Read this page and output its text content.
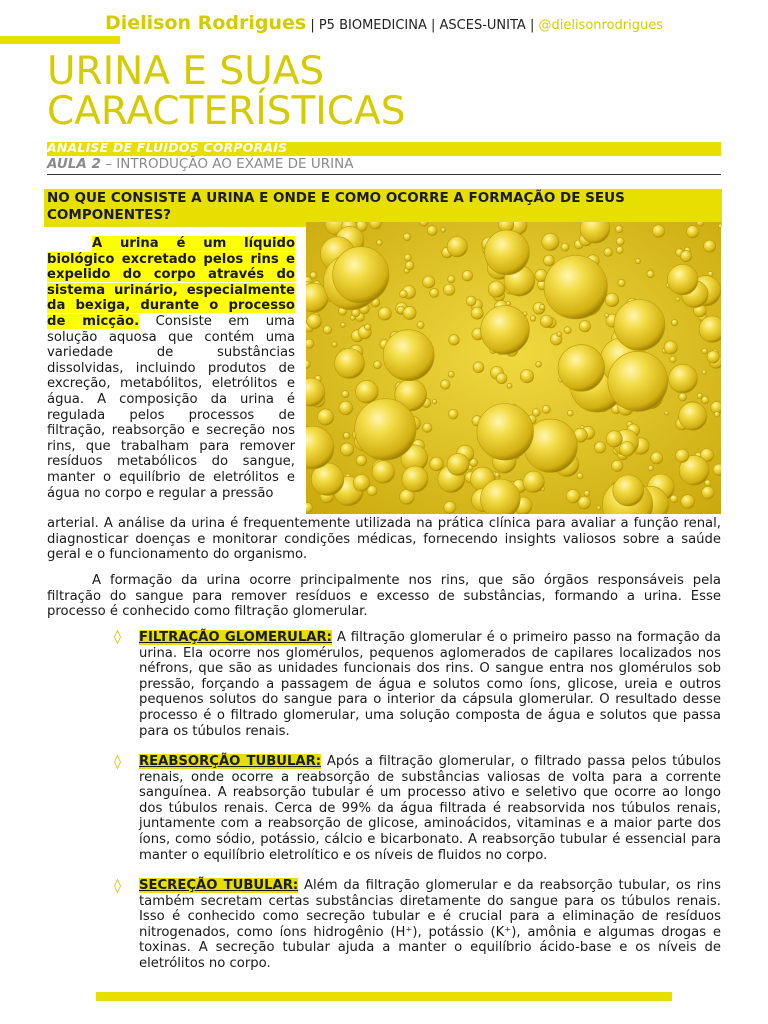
Dielison Rodrigues | P5 BIOMEDICINA | ASCES-UNITA | @dielisonrodrigues
URINA E SUAS CARACTERÍSTICAS
ANALISE DE FLUIDOS CORPORAIS
AULA 2 – INTRODUÇÃO AO EXAME DE URINA
NO QUE CONSISTE A URINA E ONDE E COMO OCORRE A FORMAÇÃO DE SEUS COMPONENTES?
A urina é um líquido biológico excretado pelos rins e expelido do corpo através do sistema urinário, especialmente da bexiga, durante o processo de micção. Consiste em uma solução aquosa que contém uma variedade de substâncias dissolvidas, incluindo produtos de excreção, metabólitos, eletrólitos e água. A composição da urina é regulada pelos processos de filtração, reabsorção e secreção nos rins, que trabalham para remover resíduos metabólicos do sangue, manter o equilíbrio de eletrólitos e água no corpo e regular a pressão
arterial. A análise da urina é frequentemente utilizada na prática clínica para avaliar a função renal, diagnosticar doenças e monitorar condições médicas, fornecendo insights valiosos sobre a saúde geral e o funcionamento do organismo.
A formação da urina ocorre principalmente nos rins, que são órgãos responsáveis pela filtração do sangue para remover resíduos e excesso de substâncias, formando a urina. Esse processo é conhecido como filtração glomerular.
◊ FILTRAÇÃO GLOMERULAR: A filtração glomerular é o primeiro passo na formação da urina. Ela ocorre nos glomérulos, pequenos aglomerados de capilares localizados nos néfrons, que são as unidades funcionais dos rins. O sangue entra nos glomérulos sob pressão, forçando a passagem de água e solutos como íons, glicose, ureia e outros pequenos solutos do sangue para o interior da cápsula glomerular. O resultado desse processo é o filtrado glomerular, uma solução composta de água e solutos que passa para os túbulos renais.
◊ REABSORÇÃO TUBULAR: Após a filtração glomerular, o filtrado passa pelos túbulos renais, onde ocorre a reabsorção de substâncias valiosas de volta para a corrente sanguínea. A reabsorção tubular é um processo ativo e seletivo que ocorre ao longo dos túbulos renais. Cerca de 99% da água filtrada é reabsorvida nos túbulos renais, juntamente com a reabsorção de glicose, aminoácidos, vitaminas e a maior parte dos íons, como sódio, potássio, cálcio e bicarbonato. A reabsorção tubular é essencial para manter o equilíbrio eletrolítico e os níveis de fluidos no corpo.
◊ SECREÇÃO TUBULAR: Além da filtração glomerular e da reabsorção tubular, os rins também secretam certas substâncias diretamente do sangue para os túbulos renais. Isso é conhecido como secreção tubular e é crucial para a eliminação de resíduos nitrogenados, como íons hidrogênio (H⁺), potássio (K⁺), amônia e algumas drogas e toxinas. A secreção tubular ajuda a manter o equilíbrio ácido-base e os níveis de eletrólitos no corpo.
